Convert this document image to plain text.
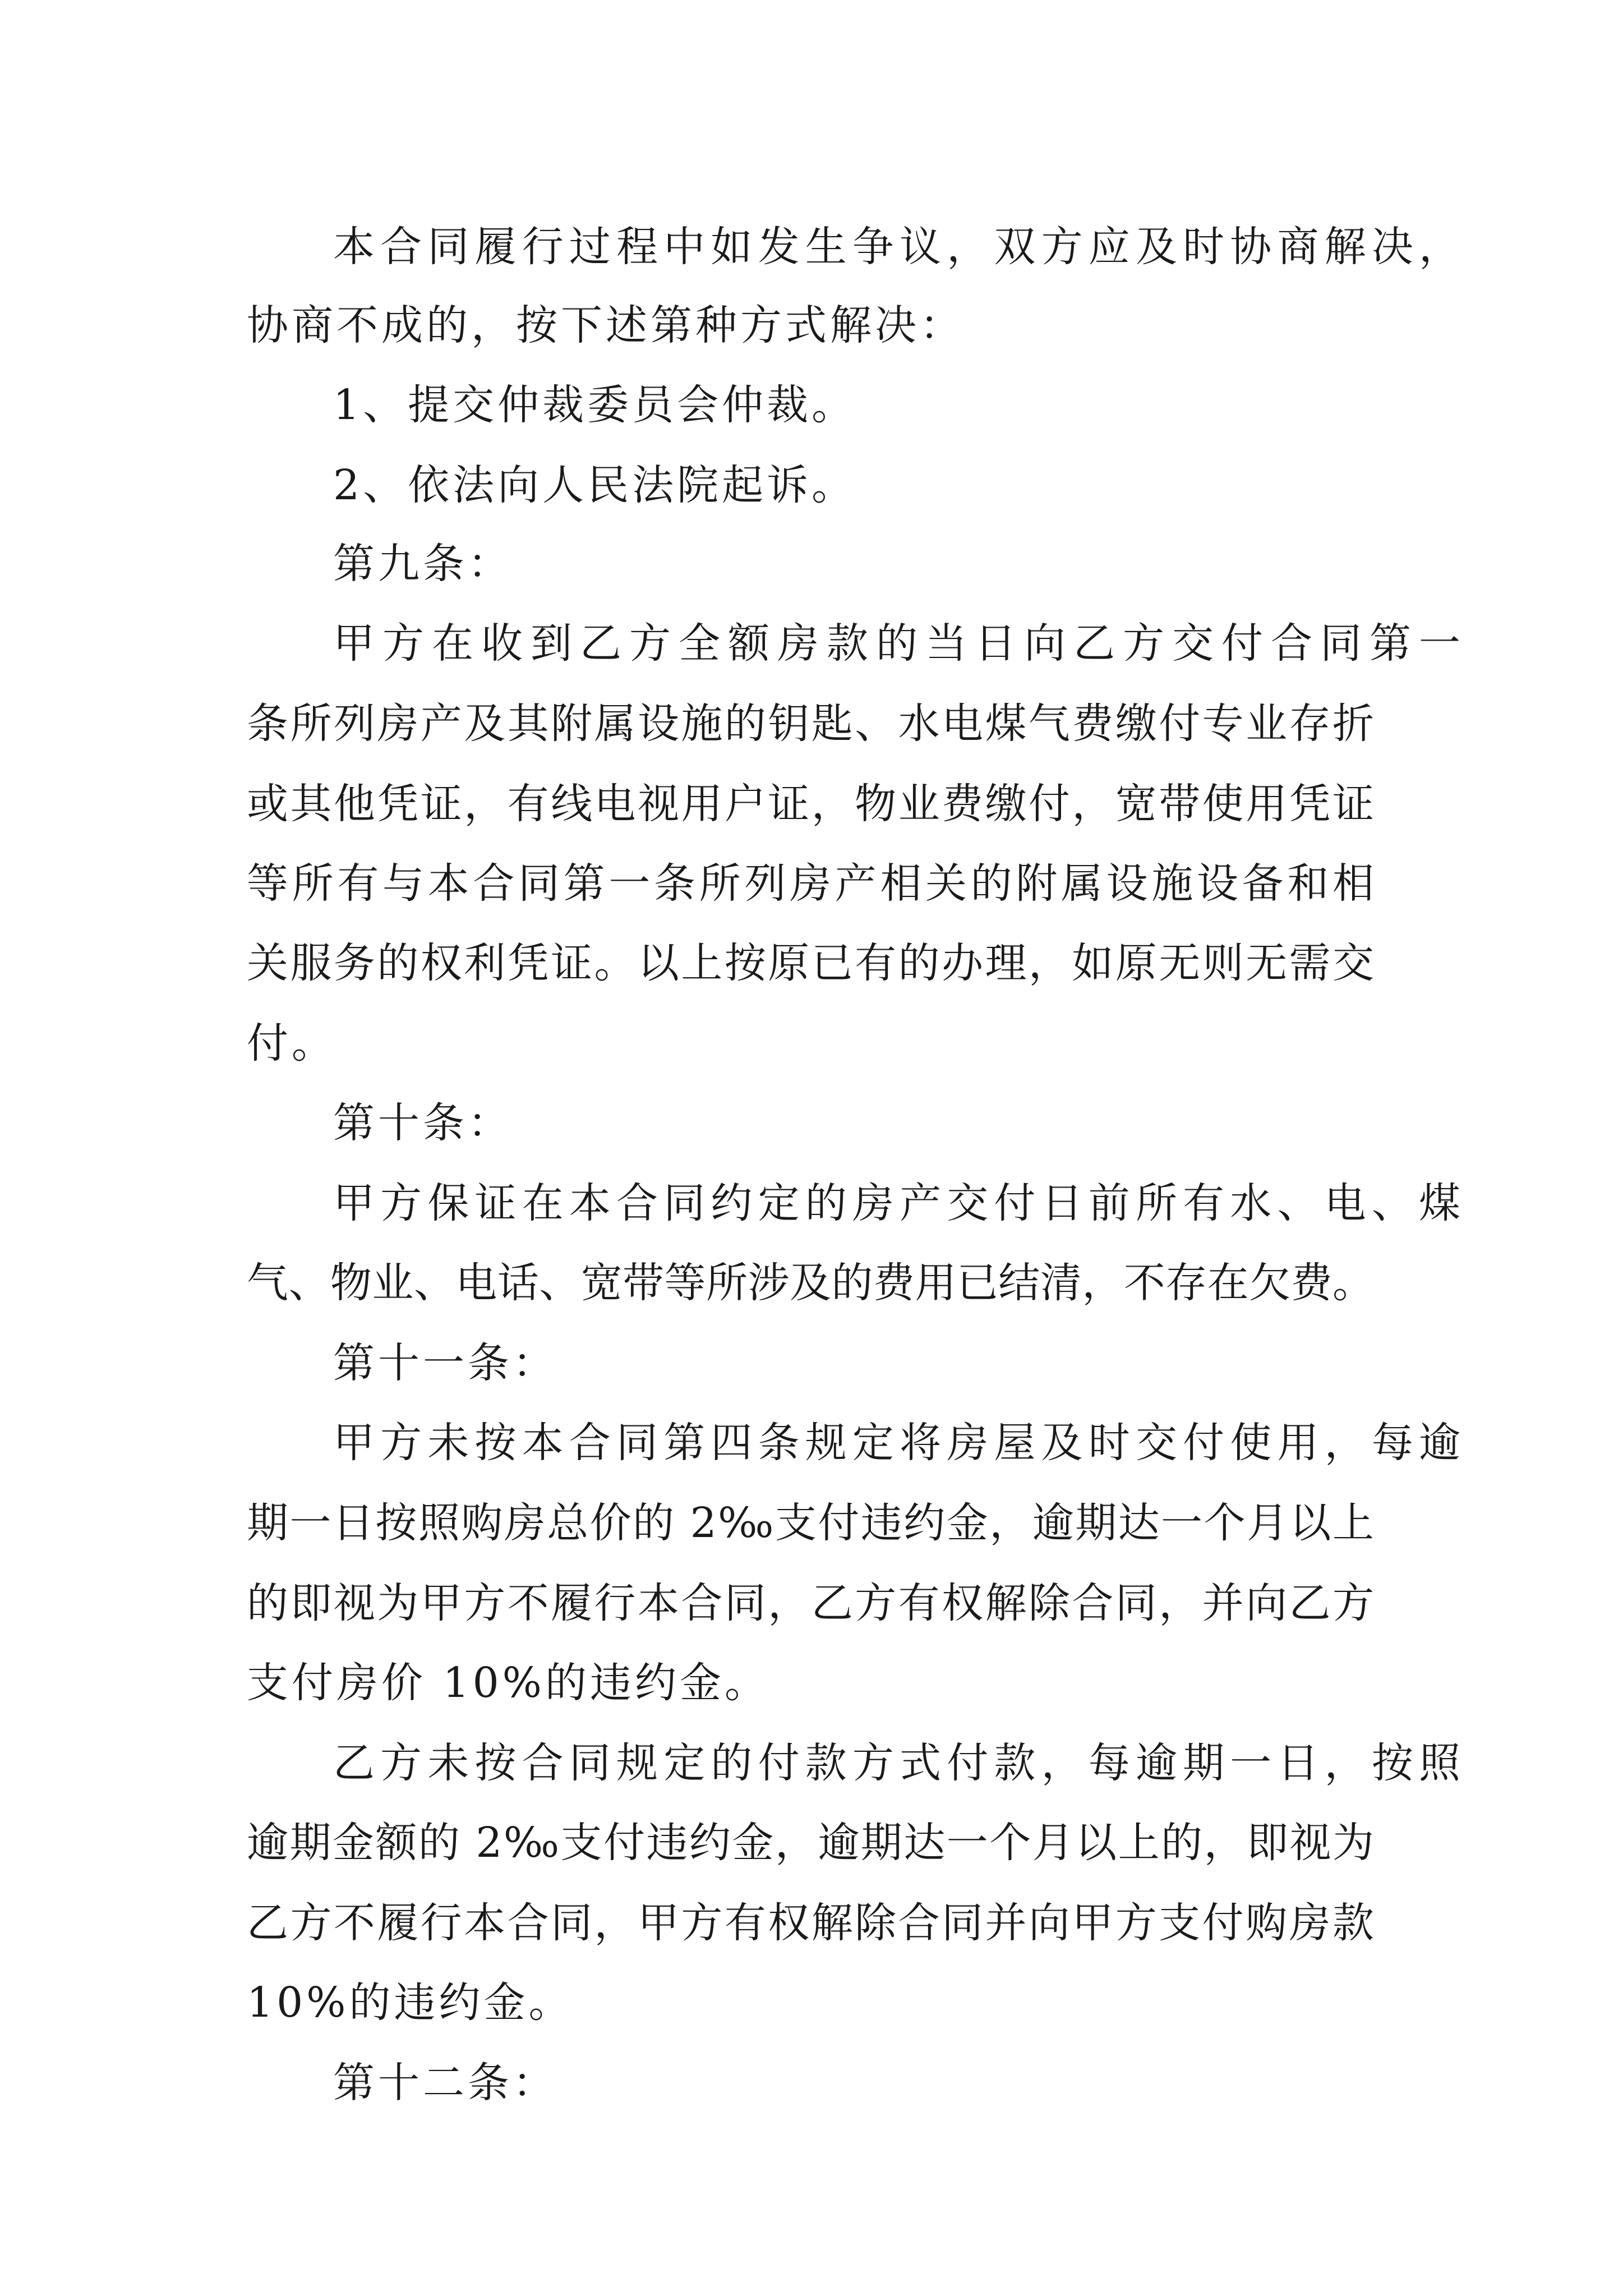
本合同履行过程中如发生争议，双方应及时协商解决，
协商不成的，按下述第种方式解决：
1、提交仲裁委员会仲裁。
2、依法向人民法院起诉。
第九条：
甲方在收到乙方全额房款的当日向乙方交付合同第一
条所列房产及其附属设施的钥匙、水电煤气费缴付专业存折
或其他凭证，有线电视用户证，物业费缴付，宽带使用凭证
等所有与本合同第一条所列房产相关的附属设施设备和相
关服务的权利凭证。以上按原已有的办理，如原无则无需交
付。
第十条：
甲方保证在本合同约定的房产交付日前所有水、电、煤
气、物业、电话、宽带等所涉及的费用已结清，不存在欠费。
第十一条：
甲方未按本合同第四条规定将房屋及时交付使用，每逾
期一日按照购房总价的 2‰支付违约金，逾期达一个月以上
的即视为甲方不履行本合同，乙方有权解除合同，并向乙方
支付房价 10%的违约金。
乙方未按合同规定的付款方式付款，每逾期一日，按照
逾期金额的 2‰支付违约金，逾期达一个月以上的，即视为
乙方不履行本合同，甲方有权解除合同并向甲方支付购房款
10%的违约金。
第十二条：
